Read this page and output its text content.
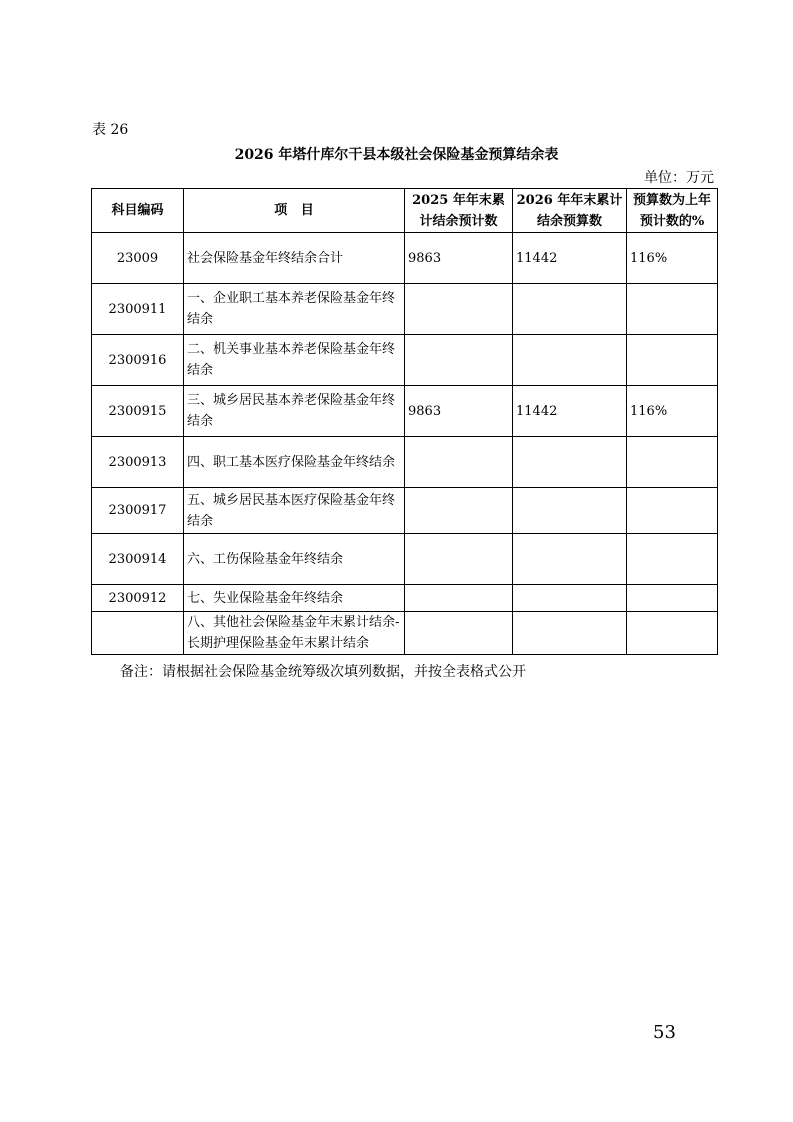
表 26
2026 年塔什库尔干县本级社会保险基金预算结余表
单位：万元
科目编码	项   目	2025 年年末累计结余预计数	2026 年年末累计结余预算数	预算数为上年预计数的%
23009	社会保险基金年终结余合计	9863	11442	116%
2300911	一、企业职工基本养老保险基金年终结余			
2300916	二、机关事业基本养老保险基金年终结余			
2300915	三、城乡居民基本养老保险基金年终结余	9863	11442	116%
2300913	四、职工基本医疗保险基金年终结余			
2300917	五、城乡居民基本医疗保险基金年终结余			
2300914	六、工伤保险基金年终结余			
2300912	七、失业保险基金年终结余			
	八、其他社会保险基金年末累计结余-长期护理保险基金年末累计结余			
备注：请根据社会保险基金统筹级次填列数据，并按全表格式公开
53
